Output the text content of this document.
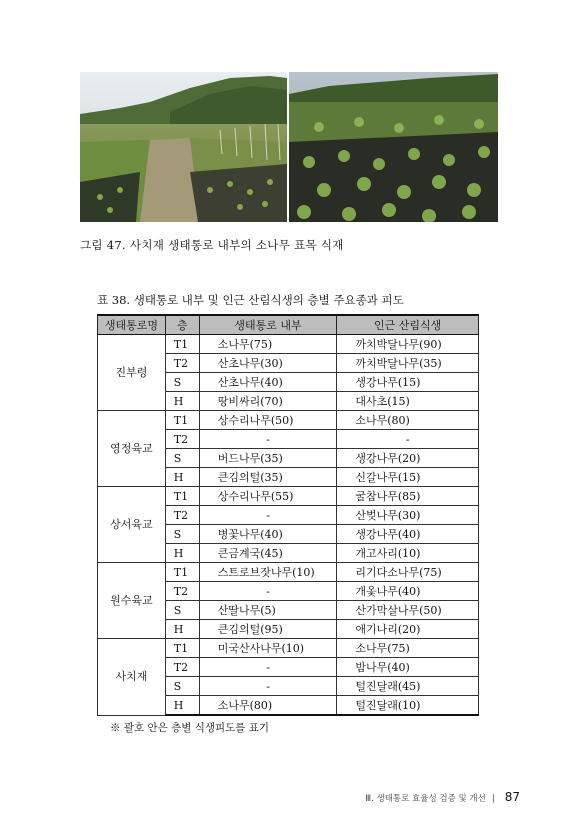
그림 47. 사치재 생태통로 내부의 소나무 표목 식재
표 38. 생태통로 내부 및 인근 산림식생의 층별 주요종과 피도
생태통로명	층	생태통로 내부	인근 산림식생
진부령	T1	소나무(75)	까치박달나무(90)
	T2	산초나무(30)	까치박달나무(35)
	S	산초나무(40)	생강나무(15)
	H	땅비싸리(70)	대사초(15)
영정육교	T1	상수리나무(50)	소나무(80)
	T2	-	-
	S	버드나무(35)	생강나무(20)
	H	큰김의털(35)	신갈나무(15)
상서육교	T1	상수리나무(55)	굴참나무(85)
	T2	-	산벚나무(30)
	S	병꽃나무(40)	생강나무(40)
	H	큰금계국(45)	개고사리(10)
원수육교	T1	스트로브잣나무(10)	리기다소나무(75)
	T2	-	개옻나무(40)
	S	산딸나무(5)	산가막살나무(50)
	H	큰김의털(95)	애기나리(20)
사치재	T1	미국산사나무(10)	소나무(75)
	T2	-	밤나무(40)
	S	-	털진달래(45)
	H	소나무(80)	털진달래(10)
※ 괄호 안은 층별 식생피도를 표기
Ⅲ. 생태통로 효율성 검증 및 개선 | 87
